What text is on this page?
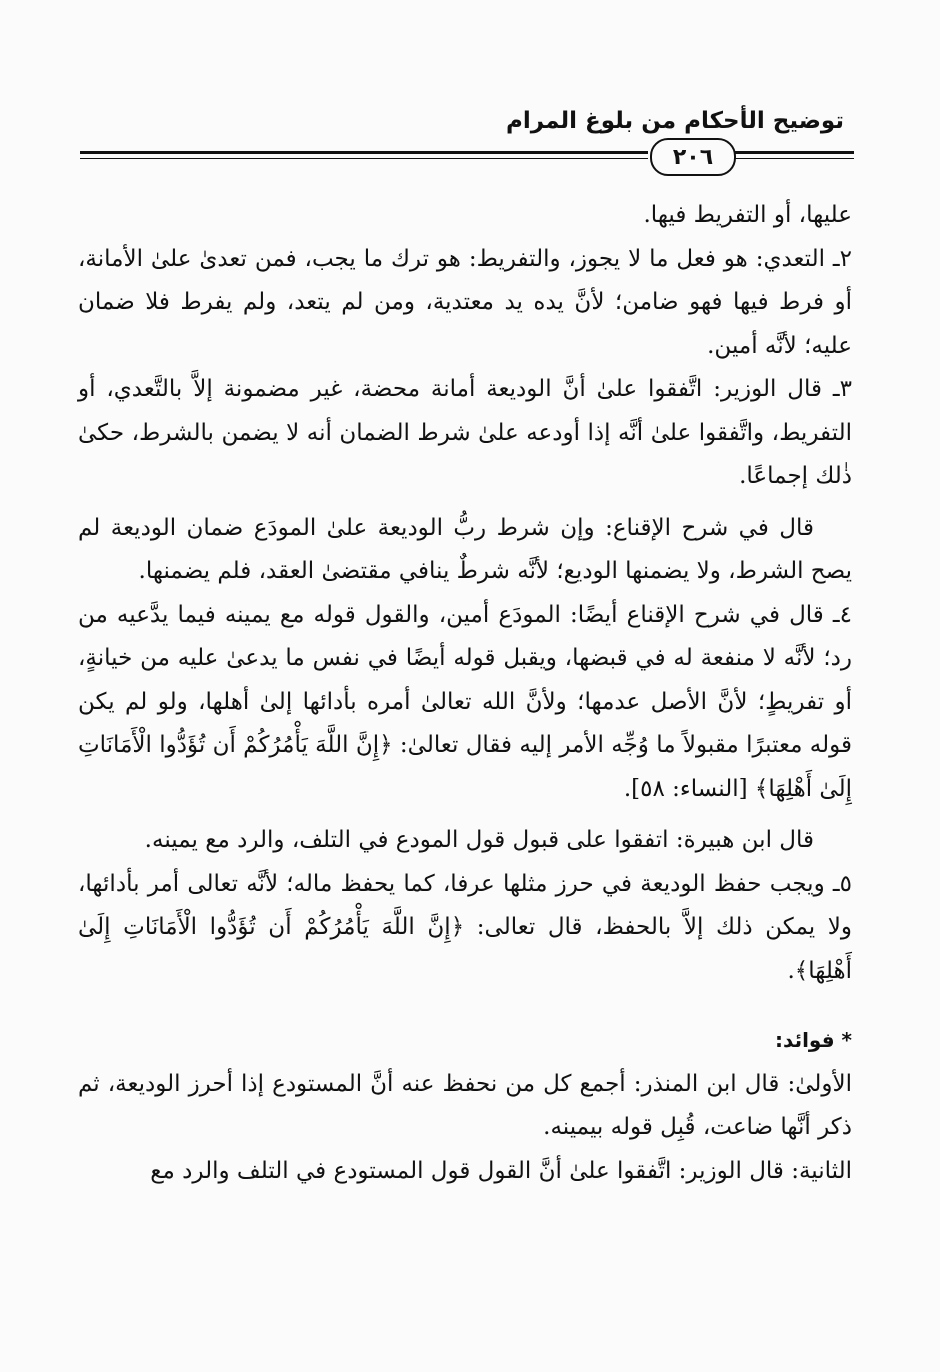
توضيح الأحكام من بلوغ المرام
٢٠٦

عليها، أو التفريط فيها.

٢ـ التعدي: هو فعل ما لا يجوز، والتفريط: هو ترك ما يجب، فمن تعدىٰ علىٰ الأمانة، أو فرط فيها فهو ضامن؛ لأنَّ يده يد معتدية، ومن لم يتعد، ولم يفرط فلا ضمان عليه؛ لأنَّه أمين.

٣ـ قال الوزير: اتَّفقوا علىٰ أنَّ الوديعة أمانة محضة، غير مضمونة إلاَّ بالتَّعدي، أو التفريط، واتَّفقوا علىٰ أنَّه إذا أودعه علىٰ شرط الضمان أنه لا يضمن بالشرط، حكىٰ ذٰلك إجماعًا.

قال في شرح الإقناع: وإن شرط ربُّ الوديعة علىٰ المودَع ضمان الوديعة لم يصح الشرط، ولا يضمنها الوديع؛ لأنَّه شرطٌ ينافي مقتضىٰ العقد، فلم يضمنها.

٤ـ قال في شرح الإقناع أيضًا: المودَع أمين، والقول قوله مع يمينه فيما يدَّعيه من رد؛ لأنَّه لا منفعة له في قبضها، ويقبل قوله أيضًا في نفس ما يدعىٰ عليه من خيانةٍ، أو تفريطٍ؛ لأنَّ الأصل عدمها؛ ولأنَّ الله تعالىٰ أمره بأدائها إلىٰ أهلها، ولو لم يكن قوله معتبرًا مقبولاً ما وُجِّه الأمر إليه فقال تعالىٰ: ﴿إِنَّ اللَّهَ يَأْمُرُكُمْ أَن تُؤَدُّوا الْأَمَانَاتِ إِلَىٰ أَهْلِهَا﴾ [النساء: ٥٨].

قال ابن هبيرة: اتفقوا على قبول قول المودع في التلف، والرد مع يمينه.

٥ـ ويجب حفظ الوديعة في حرز مثلها عرفا، كما يحفظ ماله؛ لأنَّه تعالى أمر بأدائها، ولا يمكن ذلك إلاَّ بالحفظ، قال تعالى: ﴿إِنَّ اللَّهَ يَأْمُرُكُمْ أَن تُؤَدُّوا الْأَمَانَاتِ إِلَىٰ أَهْلِهَا﴾.

* فوائد:

الأولىٰ: قال ابن المنذر: أجمع كل من نحفظ عنه أنَّ المستودع إذا أحرز الوديعة، ثم ذكر أنَّها ضاعت، قُبِل قوله بيمينه.

الثانية: قال الوزير: اتَّفقوا علىٰ أنَّ القول قول المستودع في التلف والرد مع
